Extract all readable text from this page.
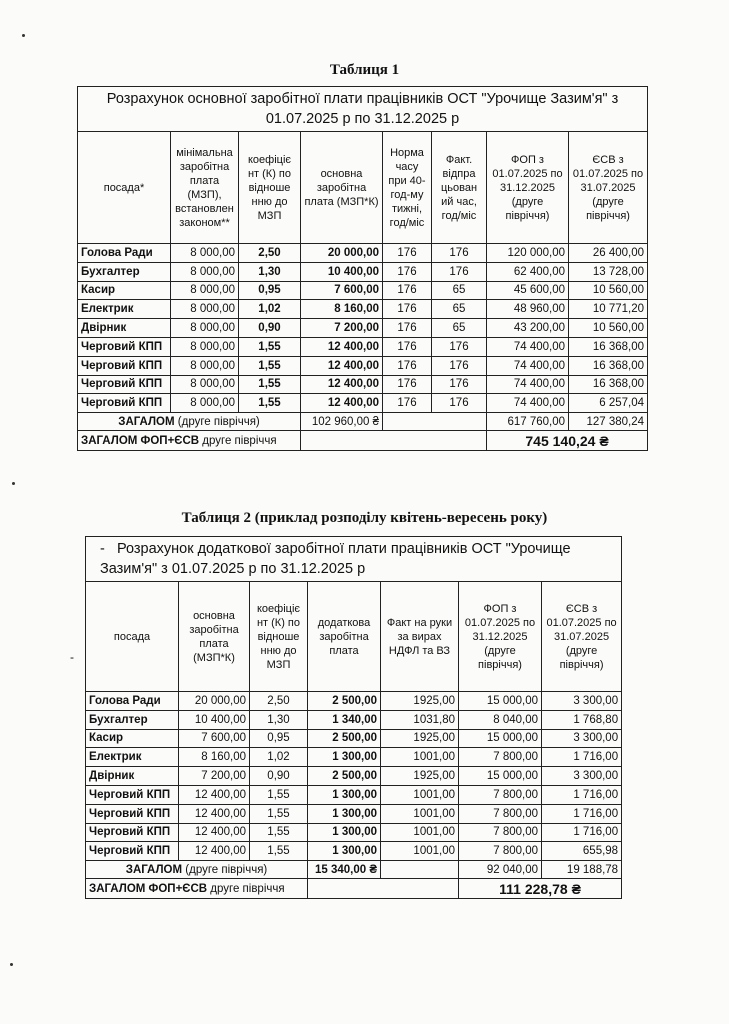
Таблиця 1
Розрахунок основної заробітної плати працівників ОСТ "Урочище Зазим'я" з 01.07.2025 р по 31.12.2025 р							
посада*	мінімальна заробітна плата (МЗП), встановлен законом**	коефіціє нт (К) по відноше нню до МЗП	основна заробітна плата (МЗП*К)	Норма часу при 40-год-му тижні, год/міс	Факт. відпра цьован ий час, год/міс	ФОП з 01.07.2025 по 31.12.2025 (друге півріччя)	ЄСВ з 01.07.2025 по 31.07.2025 (друге півріччя)
Голова Ради	8 000,00	2,50	20 000,00	176	176	120 000,00	26 400,00
Бухгалтер	8 000,00	1,30	10 400,00	176	176	62 400,00	13 728,00
Касир	8 000,00	0,95	7 600,00	176	65	45 600,00	10 560,00
Електрик	8 000,00	1,02	8 160,00	176	65	48 960,00	10 771,20
Двірник	8 000,00	0,90	7 200,00	176	65	43 200,00	10 560,00
Черговий КПП	8 000,00	1,55	12 400,00	176	176	74 400,00	16 368,00
Черговий КПП	8 000,00	1,55	12 400,00	176	176	74 400,00	16 368,00
Черговий КПП	8 000,00	1,55	12 400,00	176	176	74 400,00	16 368,00
Черговий КПП	8 000,00	1,55	12 400,00	176	176	74 400,00	6 257,04
ЗАГАЛОМ (друге півріччя)			102 960,00 ₴			617 760,00	127 380,24
ЗАГАЛОМ ФОП+ЄСВ друге півріччя						745 140,24 ₴	
Таблиця 2 (приклад розподілу квітень-вересень року)
-
- Розрахунок додаткової заробітної плати працівників ОСТ "Урочище Зазим'я" з 01.07.2025 р по 31.12.2025 р						
посада	основна заробітна плата (МЗП*К)	коефіціє нт (К) по відноше нню до МЗП	додаткова заробітна плата	Факт на руки за вирах НДФЛ та ВЗ	ФОП з 01.07.2025 по 31.12.2025 (друге півріччя)	ЄСВ з 01.07.2025 по 31.07.2025 (друге півріччя)
Голова Ради	20 000,00	2,50	2 500,00	1925,00	15 000,00	3 300,00
Бухгалтер	10 400,00	1,30	1 340,00	1031,80	8 040,00	1 768,80
Касир	7 600,00	0,95	2 500,00	1925,00	15 000,00	3 300,00
Електрик	8 160,00	1,02	1 300,00	1001,00	7 800,00	1 716,00
Двірник	7 200,00	0,90	2 500,00	1925,00	15 000,00	3 300,00
Черговий КПП	12 400,00	1,55	1 300,00	1001,00	7 800,00	1 716,00
Черговий КПП	12 400,00	1,55	1 300,00	1001,00	7 800,00	1 716,00
Черговий КПП	12 400,00	1,55	1 300,00	1001,00	7 800,00	1 716,00
Черговий КПП	12 400,00	1,55	1 300,00	1001,00	7 800,00	655,98
ЗАГАЛОМ (друге півріччя)			15 340,00 ₴		92 040,00	19 188,78
ЗАГАЛОМ ФОП+ЄСВ друге півріччя					111 228,78 ₴	
